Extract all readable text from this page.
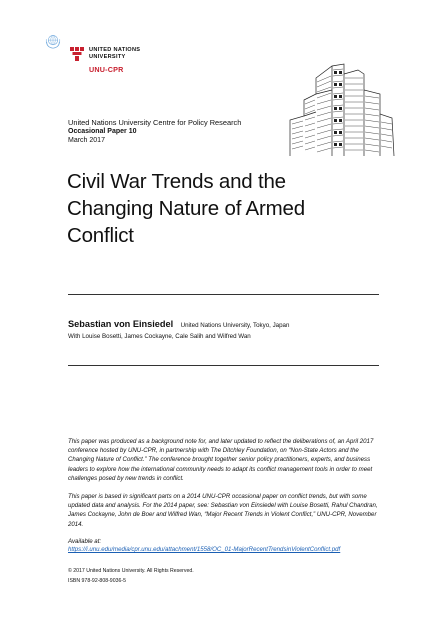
UNITED NATIONS
UNIVERSITY
UNU-CPR
United Nations University Centre for Policy Research
Occasional Paper 10
March 2017
Civil War Trends and the Changing Nature of Armed Conflict
Sebastian von Einsiedel United Nations University, Tokyo, Japan
With Louise Bosetti, James Cockayne, Cale Salih and Wilfred Wan

This paper was produced as a background note for, and later updated to reflect the deliberations of, an April 2017 conference hosted by UNU-CPR, in partnership with The Ditchley Foundation, on “Non-State Actors and the Changing Nature of Conflict.” The conference brought together senior policy practitioners, experts, and business leaders to explore how the international community needs to adapt its conflict management tools in order to meet challenges posed by new trends in conflict.

This paper is based in significant parts on a 2014 UNU-CPR occasional paper on conflict trends, but with some updated data and analysis. For the 2014 paper, see: Sebastian von Einsiedel with Louise Bosetti, Rahul Chandran, James Cockayne, John de Boer and Wilfred Wan, “Major Recent Trends in Violent Conflict,” UNU-CPR, November 2014.

Available at:
https://i.unu.edu/media/cpr.unu.edu/attachment/1558/OC_01-MajorRecentTrendsinViolentConflict.pdf
© 2017 United Nations University. All Rights Reserved.
ISBN 978-92-808-9036-5
